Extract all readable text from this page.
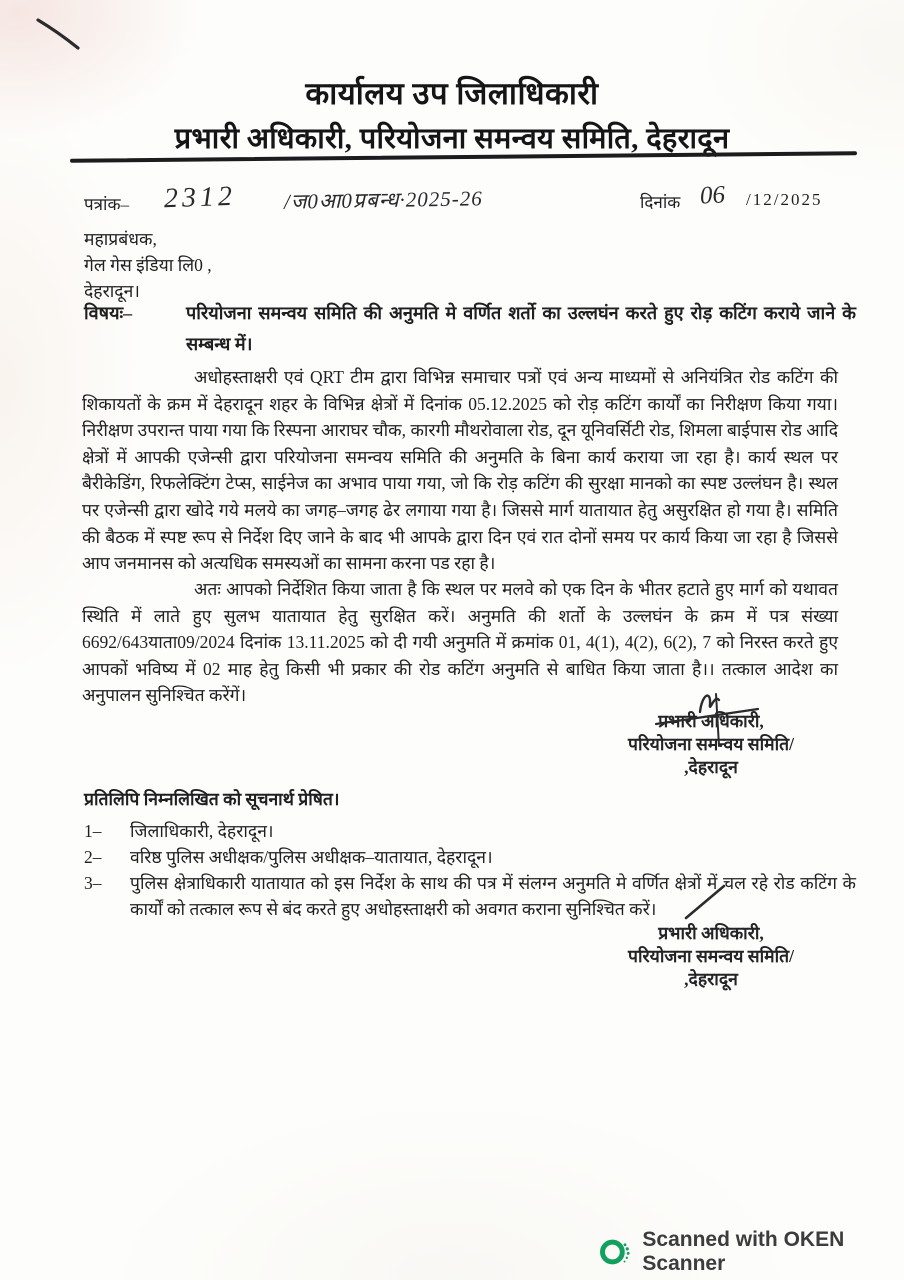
कार्यालय उप जिलाधिकारी
प्रभारी अधिकारी, परियोजना समन्वय समिति, देहरादून
पत्रांक– 2312 /ज0आ0प्रबन्ध·2025-26	दिनांक 06 /12/2025
महाप्रबंधक,
गेल गेस इंडिया लि0 ,
देहरादून।
विषयः–	परियोजना समन्वय समिति की अनुमति मे वर्णित शर्तो का उल्लघंन करते हुए रोड़ कटिंग कराये जाने के सम्बन्ध में।

अधोहस्ताक्षरी एवं QRT टीम द्वारा विभिन्न समाचार पत्रों एवं अन्य माध्यमों से अनियंत्रित रोड कटिंग की शिकायतों के क्रम में देहरादून शहर के विभिन्न क्षेत्रों में दिनांक 05.12.2025 को रोड़ कटिंग कार्यों का निरीक्षण किया गया। निरीक्षण उपरान्त पाया गया कि रिस्पना आराघर चौक, कारगी मौथरोवाला रोड, दून यूनिवर्सिटी रोड, शिमला बाईपास रोड आदि क्षेत्रों में आपकी एजेन्सी द्वारा परियोजना समन्वय समिति की अनुमति के बिना कार्य कराया जा रहा है। कार्य स्थल पर बैरीकेडिंग, रिफलेक्टिंग टेप्स, साईनेज का अभाव पाया गया, जो कि रोड़ कटिंग की सुरक्षा मानको का स्पष्ट उल्लंघन है। स्थल पर एजेन्सी द्वारा खोदे गये मलये का जगह–जगह ढेर लगाया गया है। जिससे मार्ग यातायात हेतु असुरक्षित हो गया है। समिति की बैठक में स्पष्ट रूप से निर्देश दिए जाने के बाद भी आपके द्वारा दिन एवं रात दोनों समय पर कार्य किया जा रहा है जिससे आप जनमानस को अत्यधिक समस्यओं का सामना करना पड रहा है।

अतः आपको निर्देशित किया जाता है कि स्थल पर मलवे को एक दिन के भीतर हटाते हुए मार्ग को यथावत स्थिति में लाते हुए सुलभ यातायात हेतु सुरक्षित करें। अनुमति की शर्तो के उल्लघंन के क्रम में पत्र संख्या 6692/643याता09/2024 दिनांक 13.11.2025 को दी गयी अनुमति में क्रमांक 01, 4(1), 4(2), 6(2), 7 को निरस्त करते हुए आपकों भविष्य में 02 माह हेतु किसी भी प्रकार की रोड कटिंग अनुमति से बाधित किया जाता है।। तत्काल आदेश का अनुपालन सुनिश्चित करेंगें।

प्रभारी अधिकारी,
परियोजना समन्वय समिति/
,देहरादून
प्रतिलिपि निम्नलिखित को सूचनार्थ प्रेषित।
1–	जिलाधिकारी, देहरादून।
2–	वरिष्ठ पुलिस अधीक्षक/पुलिस अधीक्षक–यातायात, देहरादून।
3–	पुलिस क्षेत्राधिकारी यातायात को इस निर्देश के साथ की पत्र में संलग्न अनुमति मे वर्णित क्षेत्रों में चल रहे रोड कटिंग के कार्यों को तत्काल रूप से बंद करते हुए अधोहस्ताक्षरी को अवगत कराना सुनिश्चित करें।
प्रभारी अधिकारी,
परियोजना समन्वय समिति/
,देहरादून
Scanned with OKEN Scanner
